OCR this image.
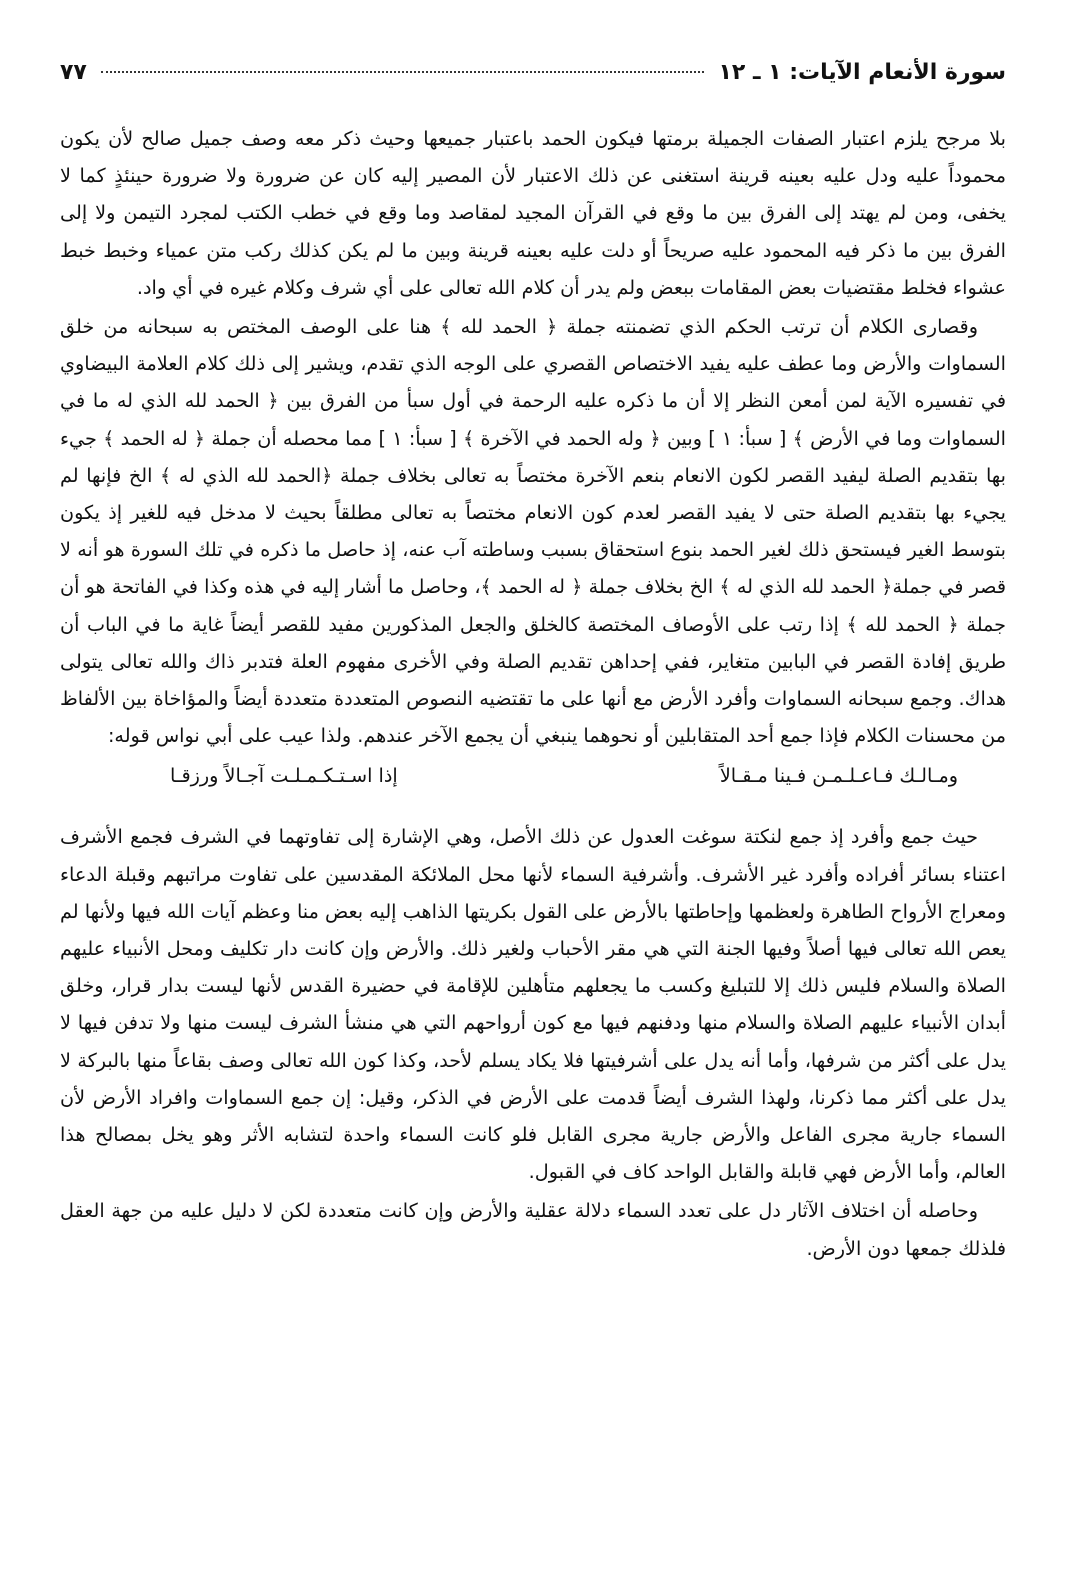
سورة الأنعام الآيات: ١ ـ ١٢
٧٧

بلا مرجح يلزم اعتبار الصفات الجميلة برمتها فيكون الحمد باعتبار جميعها وحيث ذكر معه وصف جميل صالح لأن يكون محموداً عليه ودل عليه بعينه قرينة استغنى عن ذلك الاعتبار لأن المصير إليه كان عن ضرورة ولا ضرورة حينئذٍ كما لا يخفى، ومن لم يهتد إلى الفرق بين ما وقع في القرآن المجيد لمقاصد وما وقع في خطب الكتب لمجرد التيمن ولا إلى الفرق بين ما ذكر فيه المحمود عليه صريحاً أو دلت عليه بعينه قرينة وبين ما لم يكن كذلك ركب متن عمياء وخبط خبط عشواء فخلط مقتضيات بعض المقامات ببعض ولم يدر أن كلام الله تعالى على أي شرف وكلام غيره في أي واد.

وقصارى الكلام أن ترتب الحكم الذي تضمنته جملة ﴿ الحمد لله ﴾ هنا على الوصف المختص به سبحانه من خلق السماوات والأرض وما عطف عليه يفيد الاختصاص القصري على الوجه الذي تقدم، ويشير إلى ذلك كلام العلامة البيضاوي في تفسيره الآية لمن أمعن النظر إلا أن ما ذكره عليه الرحمة في أول سبأ من الفرق بين ﴿ الحمد لله الذي له ما في السماوات وما في الأرض ﴾ [ سبأ: ١ ] وبين ﴿ وله الحمد في الآخرة ﴾ [ سبأ: ١ ] مما محصله أن جملة ﴿ له الحمد ﴾ جيء بها بتقديم الصلة ليفيد القصر لكون الانعام بنعم الآخرة مختصاً به تعالى بخلاف جملة ﴿الحمد لله الذي له ﴾ الخ فإنها لم يجيء بها بتقديم الصلة حتى لا يفيد القصر لعدم كون الانعام مختصاً به تعالى مطلقاً بحيث لا مدخل فيه للغير إذ يكون بتوسط الغير فيستحق ذلك لغير الحمد بنوع استحقاق بسبب وساطته آب عنه، إذ حاصل ما ذكره في تلك السورة هو أنه لا قصر في جملة﴿ الحمد لله الذي له ﴾ الخ بخلاف جملة ﴿ له الحمد ﴾، وحاصل ما أشار إليه في هذه وكذا في الفاتحة هو أن جملة ﴿ الحمد لله ﴾ إذا رتب على الأوصاف المختصة كالخلق والجعل المذكورين مفيد للقصر أيضاً غاية ما في الباب أن طريق إفادة القصر في البابين متغاير، ففي إحداهن تقديم الصلة وفي الأخرى مفهوم العلة فتدبر ذاك والله تعالى يتولى هداك. وجمع سبحانه السماوات وأفرد الأرض مع أنها على ما تقتضيه النصوص المتعددة متعددة أيضاً والمؤاخاة بين الألفاظ من محسنات الكلام فإذا جمع أحد المتقابلين أو نحوهما ينبغي أن يجمع الآخر عندهم. ولذا عيب على أبي نواس قوله:

ومـالـك فـاعـلـمـن فـينا مـقـالاً
إذا اسـتـكـمـلـت آجـالاً ورزقـا

حيث جمع وأفرد إذ جمع لنكتة سوغت العدول عن ذلك الأصل، وهي الإشارة إلى تفاوتهما في الشرف فجمع الأشرف اعتناء بسائر أفراده وأفرد غير الأشرف. وأشرفية السماء لأنها محل الملائكة المقدسين على تفاوت مراتبهم وقبلة الدعاء ومعراج الأرواح الطاهرة ولعظمها وإحاطتها بالأرض على القول بكريتها الذاهب إليه بعض منا وعظم آيات الله فيها ولأنها لم يعص الله تعالى فيها أصلاً وفيها الجنة التي هي مقر الأحباب ولغير ذلك. والأرض وإن كانت دار تكليف ومحل الأنبياء عليهم الصلاة والسلام فليس ذلك إلا للتبليغ وكسب ما يجعلهم متأهلين للإقامة في حضيرة القدس لأنها ليست بدار قرار، وخلق أبدان الأنبياء عليهم الصلاة والسلام منها ودفنهم فيها مع كون أرواحهم التي هي منشأ الشرف ليست منها ولا تدفن فيها لا يدل على أكثر من شرفها، وأما أنه يدل على أشرفيتها فلا يكاد يسلم لأحد، وكذا كون الله تعالى وصف بقاعاً منها بالبركة لا يدل على أكثر مما ذكرنا، ولهذا الشرف أيضاً قدمت على الأرض في الذكر، وقيل: إن جمع السماوات وافراد الأرض لأن السماء جارية مجرى الفاعل والأرض جارية مجرى القابل فلو كانت السماء واحدة لتشابه الأثر وهو يخل بمصالح هذا العالم، وأما الأرض فهي قابلة والقابل الواحد كاف في القبول.

وحاصله أن اختلاف الآثار دل على تعدد السماء دلالة عقلية والأرض وإن كانت متعددة لكن لا دليل عليه من جهة العقل فلذلك جمعها دون الأرض.
